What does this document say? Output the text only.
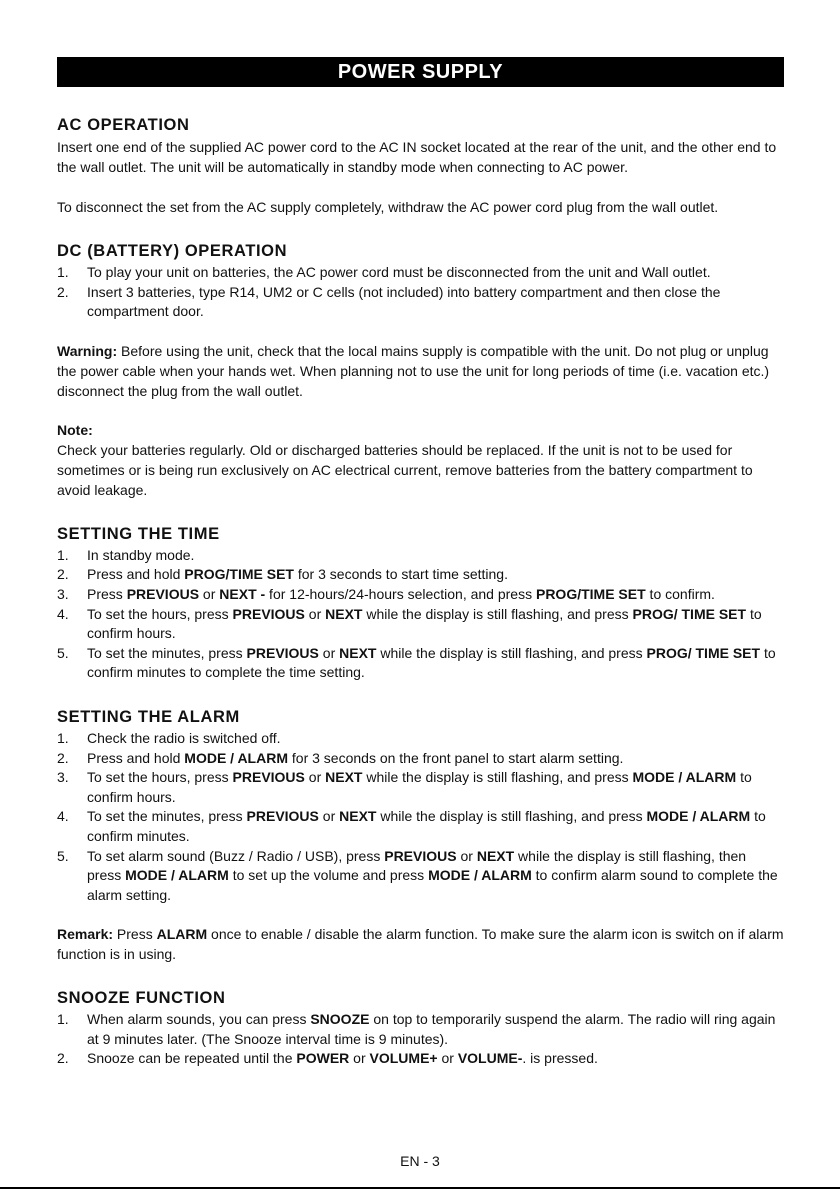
POWER SUPPLY
AC OPERATION

Insert one end of the supplied AC power cord to the AC IN socket located at the rear of the unit, and the other end to the wall outlet. The unit will be automatically in standby mode when connecting to AC power.

To disconnect the set from the AC supply completely, withdraw the AC power cord plug from the wall outlet.

DC (BATTERY) OPERATION
1. To play your unit on batteries, the AC power cord must be disconnected from the unit and Wall outlet.
2. Insert 3 batteries, type R14, UM2 or C cells (not included) into battery compartment and then close the compartment door.

Warning: Before using the unit, check that the local mains supply is compatible with the unit. Do not plug or unplug the power cable when your hands wet. When planning not to use the unit for long periods of time (i.e. vacation etc.) disconnect the plug from the wall outlet.

Note:

Check your batteries regularly. Old or discharged batteries should be replaced. If the unit is not to be used for sometimes or is being run exclusively on AC electrical current, remove batteries from the battery compartment to avoid leakage.

SETTING THE TIME
1. In standby mode.
2. Press and hold PROG/TIME SET for 3 seconds to start time setting.
3. Press PREVIOUS or NEXT - for 12-hours/24-hours selection, and press PROG/TIME SET to confirm.
4. To set the hours, press PREVIOUS or NEXT while the display is still flashing, and press PROG/ TIME SET to confirm hours.
5. To set the minutes, press PREVIOUS or NEXT while the display is still flashing, and press PROG/ TIME SET to confirm minutes to complete the time setting.
SETTING THE ALARM
1. Check the radio is switched off.
2. Press and hold MODE / ALARM for 3 seconds on the front panel to start alarm setting.
3. To set the hours, press PREVIOUS or NEXT while the display is still flashing, and press MODE / ALARM to confirm hours.
4. To set the minutes, press PREVIOUS or NEXT while the display is still flashing, and press MODE / ALARM to confirm minutes.
5. To set alarm sound (Buzz / Radio / USB), press PREVIOUS or NEXT while the display is still flashing, then press MODE / ALARM to set up the volume and press MODE / ALARM to confirm alarm sound to complete the alarm setting.

Remark: Press ALARM once to enable / disable the alarm function. To make sure the alarm icon is switch on if alarm function is in using.

SNOOZE FUNCTION
1. When alarm sounds, you can press SNOOZE on top to temporarily suspend the alarm. The radio will ring again at 9 minutes later. (The Snooze interval time is 9 minutes).
2. Snooze can be repeated until the POWER or VOLUME+ or VOLUME-. is pressed.
EN - 3
